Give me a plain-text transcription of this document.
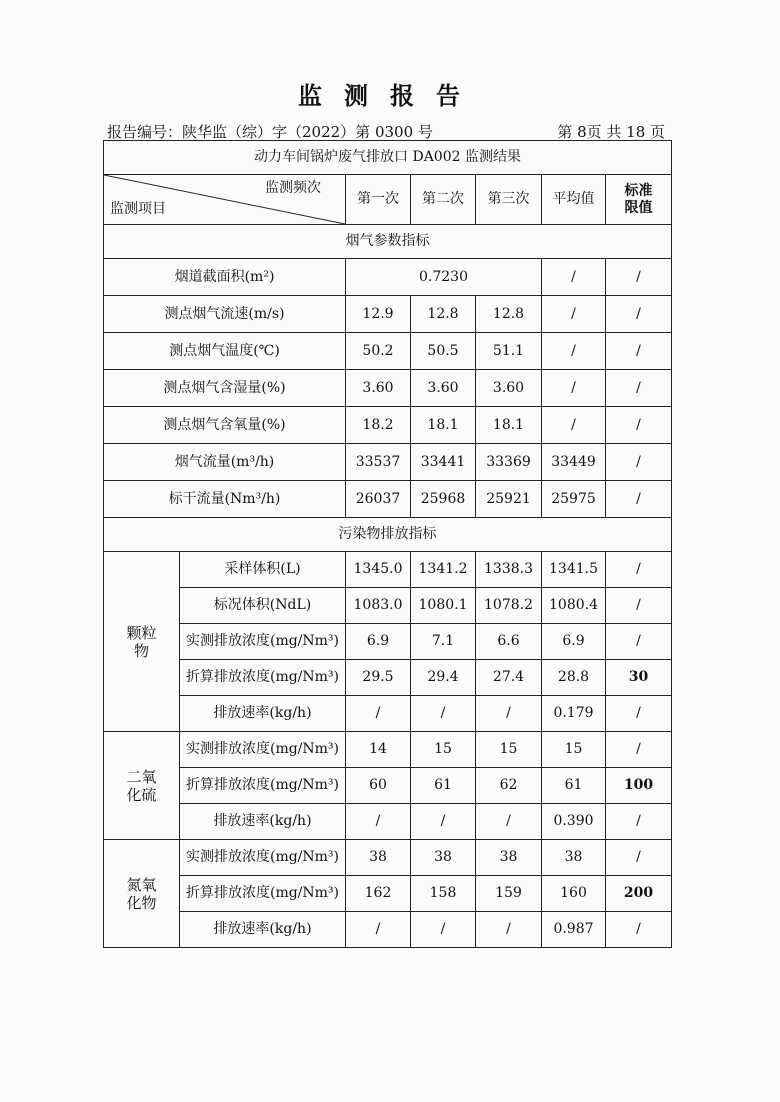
监测报告
报告编号：陕华监（综）字（2022）第 0300 号	第 8页 共 18 页
动力车间锅炉废气排放口 DA002 监测结果						

监测频次
监测项目		第一次	第二次	第三次	平均值	标准限值
烟气参数指标						
烟道截面积(m²)		0.7230			/	/
测点烟气流速(m/s)		12.9	12.8	12.8	/	/
测点烟气温度(℃)		50.2	50.5	51.1	/	/
测点烟气含湿量(%)		3.60	3.60	3.60	/	/
测点烟气含氧量(%)		18.2	18.1	18.1	/	/
烟气流量(m³/h)		33537	33441	33369	33449	/
标干流量(Nm³/h)		26037	25968	25921	25975	/
污染物排放指标						
颗粒物	采样体积(L)	1345.0	1341.2	1338.3	1341.5	/
	标况体积(NdL)	1083.0	1080.1	1078.2	1080.4	/
	实测排放浓度(mg/Nm³)	6.9	7.1	6.6	6.9	/
	折算排放浓度(mg/Nm³)	29.5	29.4	27.4	28.8	30
	排放速率(kg/h)	/	/	/	0.179	/
二氧化硫	实测排放浓度(mg/Nm³)	14	15	15	15	/
	折算排放浓度(mg/Nm³)	60	61	62	61	100
	排放速率(kg/h)	/	/	/	0.390	/
氮氧化物	实测排放浓度(mg/Nm³)	38	38	38	38	/
	折算排放浓度(mg/Nm³)	162	158	159	160	200
	排放速率(kg/h)	/	/	/	0.987	/
